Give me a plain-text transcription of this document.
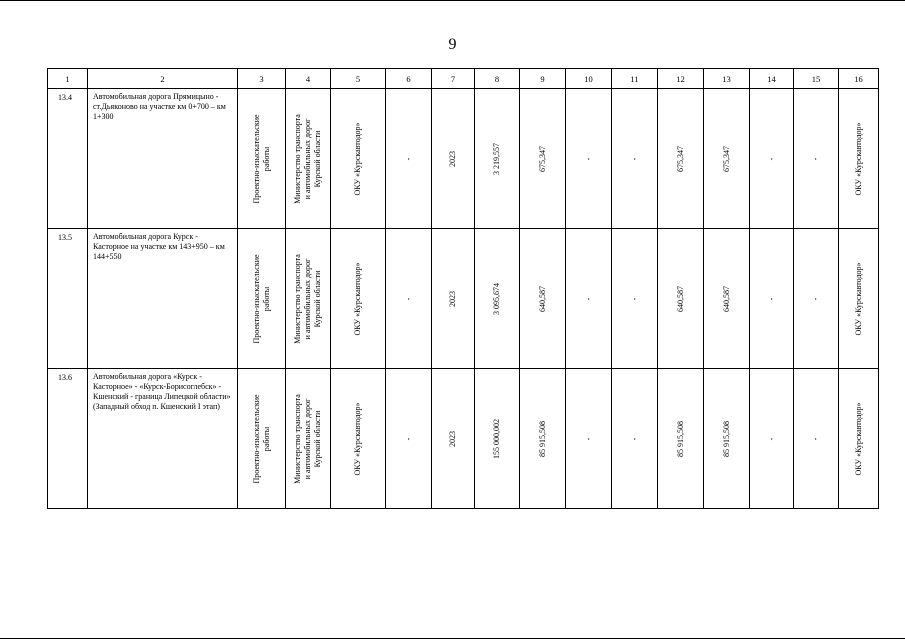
9
1	2	3	4	5	6	7	8	9	10	11	12	13	14	15	16
13.4	Автомобильная дорога Прямицыно - ст.Дьяконово на участке км 0+700 – км 1+300	Проектно-изыскательские
работы	Министерство транспорта
и автомобильных дорог
Курской области	ОКУ «Курскавтодор»	-	2023	3 219,557	675,347	-	-	675,347	675,347	-	-	ОКУ «Курскавтодор»

13.5	Автомобильная дорога Курск - Касторное на участке км 143+950 – км 144+550	Проектно-изыскательские
работы	Министерство транспорта
и автомобильных дорог
Курской области	ОКУ «Курскавтодор»	-	2023	3 095,674	640,587	-	-	640,587	640,587	-	-	ОКУ «Курскавтодор»

13.6	Автомобильная дорога «Курск - Касторное» - «Курск-Борисоглебск» - Кшенский - граница Липецкой области» (Западный обход п. Кшенский I этап)	Проектно-изыскательские
работы	Министерство транспорта
и автомобильных дорог
Курской области	ОКУ «Курскавтодор»	-	2023	155 000,002	85 915,508	-	-	85 915,508	85 915,508	-	-	ОКУ «Курскавтодор»
